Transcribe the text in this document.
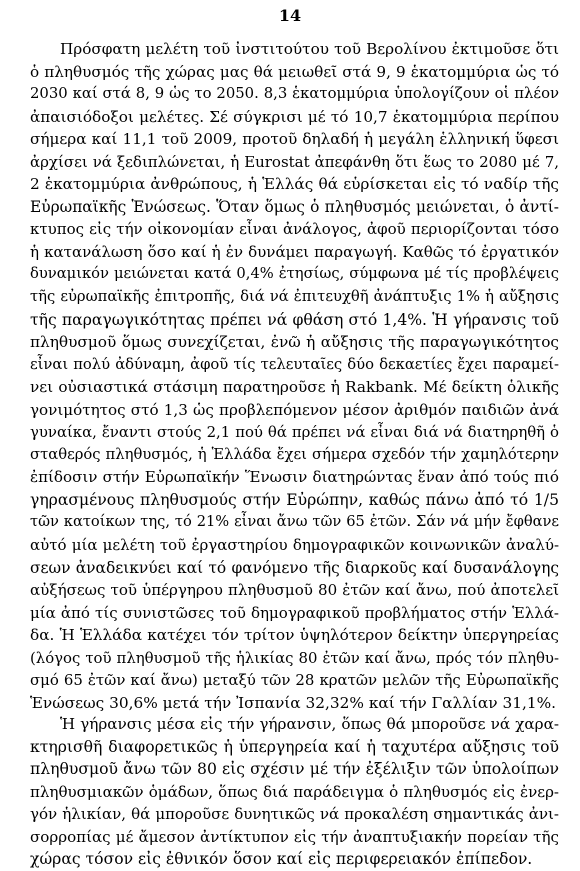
14
Πρόσφατη μελέτη τοῦ ἰνστιτούτου τοῦ Βερολίνου ἐκτιμοῦσε ὅτι
ὁ πληθυσμός τῆς χώρας μας θά μειωθεῖ στά 9, 9 ἑκατομμύρια ὡς τό
2030 καί στά 8, 9 ὡς το 2050. 8,3 ἑκατομμύρια ὑπολογίζουν οἱ πλέον
ἀπαισιόδοξοι μελέτες. Σέ σύγκρισι μέ τό 10,7 ἑκατομμύρια περίπου
σήμερα καί 11,1 τοῦ 2009, προτοῦ δηλαδή ἡ μεγάλη ἑλληνική ὕφεσι
ἀρχίσει νά ξεδιπλώνεται, ἡ Eurostat ἀπεφάνθη ὅτι ἕως το 2080 μέ 7,
2 ἑκατομμύρια ἀνθρώπους, ἡ Ἑλλάς θά εὑρίσκεται εἰς τό ναδίρ τῆς
Εὐρωπαϊκῆς Ἑνώσεως. Ὅταν ὅμως ὁ πληθυσμός μειώνεται, ὁ ἀντί-
κτυπος εἰς τήν οἰκονομίαν εἶναι ἀνάλογος, ἀφοῦ περιορίζονται τόσο
ἡ κατανάλωση ὅσο καί ἡ ἐν δυνάμει παραγωγή. Καθῶς τό ἐργατικόν
δυναμικόν μειώνεται κατά 0,4% ἐτησίως, σύμφωνα μέ τίς προβλέψεις
τῆς εὐρωπαϊκῆς ἐπιτροπῆς, διά νά ἐπιτευχθῆ ἀνάπτυξις 1% ἡ αὔξησις
τῆς παραγωγικότητας πρέπει νά φθάση στό 1,4%. Ἡ γήρανσις τοῦ
πληθυσμοῦ ὅμως συνεχίζεται, ἐνῶ ἡ αὔξησις τῆς παραγωγικότητος
εἶναι πολύ ἀδύναμη, ἀφοῦ τίς τελευταῖες δύο δεκαετίες ἔχει παραμεί-
νει οὐσιαστικά στάσιμη παρατηροῦσε ἡ Rakbank. Μέ δείκτη ὁλικῆς
γονιμότητος στό 1,3 ὡς προβλεπόμενον μέσον ἀριθμόν παιδιῶν ἀνά
γυναίκα, ἔναντι στούς 2,1 πού θά πρέπει νά εἶναι διά νά διατηρηθῆ ὁ
σταθερός πληθυσμός, ἡ Ἑλλάδα ἔχει σήμερα σχεδόν τήν χαμηλότερην
ἐπίδοσιν στήν Εὐρωπαϊκήν Ἕνωσιν διατηρώντας ἕναν ἀπό τούς πιό
γηρασμένους πληθυσμούς στήν Εὐρώπην, καθώς πάνω ἀπό τό 1/5
τῶν κατοίκων της, τό 21% εἶναι ἄνω τῶν 65 ἐτῶν. Σάν νά μήν ἔφθανε
αὐτό μία μελέτη τοῦ ἐργαστηρίου δημογραφικῶν κοινωνικῶν ἀναλύ-
σεων ἀναδεικνύει καί τό φανόμενο τῆς διαρκοῦς καί δυσανάλογης
αὐξήσεως τοῦ ὑπέργηρου πληθυσμοῦ 80 ἐτῶν καί ἄνω, πού ἀποτελεῖ
μία ἀπό τίς συνιστῶσες τοῦ δημογραφικοῦ προβλήματος στήν Ἑλλά-
δα. Ἡ Ἑλλάδα κατέχει τόν τρίτον ὑψηλότερον δείκτην ὑπεργηρείας
(λόγος τοῦ πληθυσμοῦ τῆς ἡλικίας 80 ἐτῶν καί ἄνω, πρός τόν πληθυ-
σμό 65 ἐτῶν καί ἄνω) μεταξύ τῶν 28 κρατῶν μελῶν τῆς Εὐρωπαϊκῆς
Ἑνώσεως 30,6% μετά τήν Ἰσπανία 32,32% καί τήν Γαλλίαν 31,1%.
Ἡ γήρανσις μέσα εἰς τήν γήρανσιν, ὅπως θά μποροῦσε νά χαρα-
κτηρισθῆ διαφορετικῶς ἡ ὑπεργηρεία καί ἡ ταχυτέρα αὔξησις τοῦ
πληθυσμοῦ ἄνω τῶν 80 εἰς σχέσιν μέ τήν ἐξέλιξιν τῶν ὑπολοίπων
πληθυσμιακῶν ὁμάδων, ὅπως διά παράδειγμα ὁ πληθυσμός εἰς ἐνερ-
γόν ἡλικίαν, θά μποροῦσε δυνητικῶς νά προκαλέση σημαντικάς ἀνι-
σορροπίας μέ ἄμεσον ἀντίκτυπον εἰς τήν ἀναπτυξιακήν πορείαν τῆς
χώρας τόσον εἰς ἐθνικόν ὅσον καί εἰς περιφερειακόν ἐπίπεδον.
